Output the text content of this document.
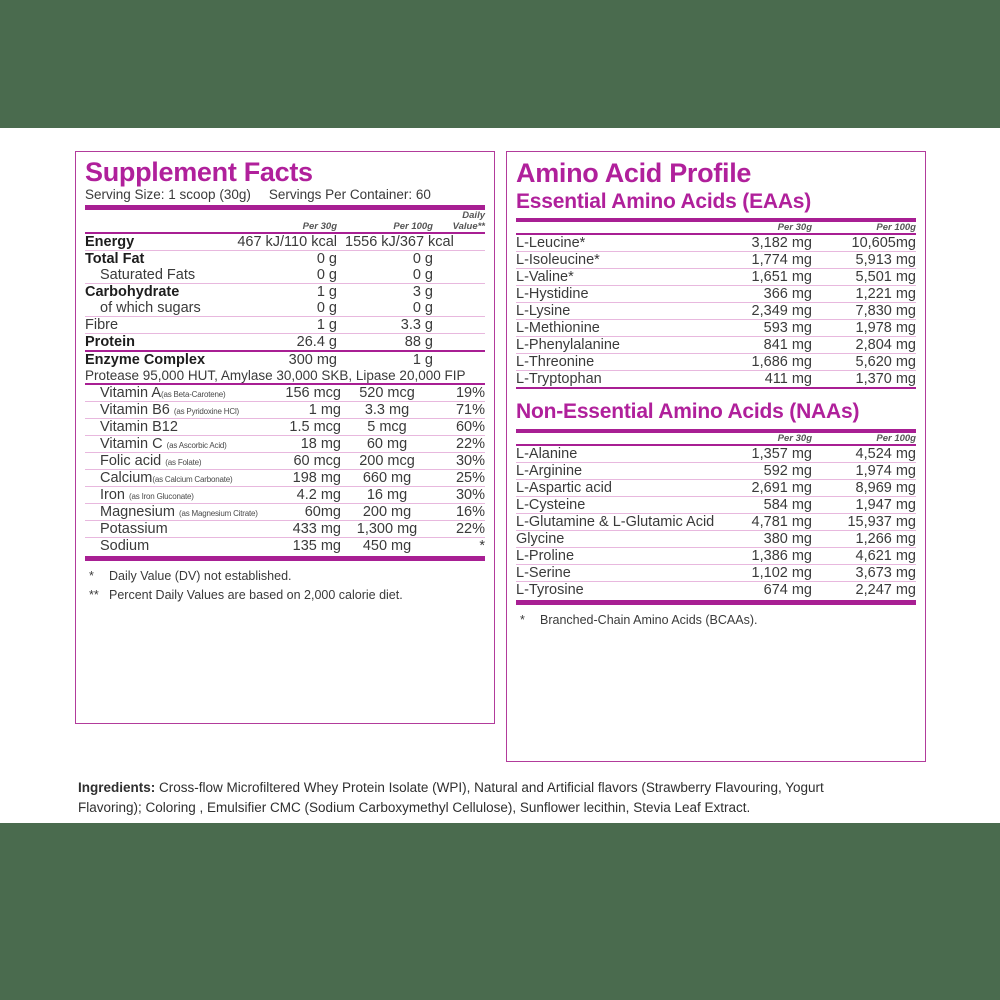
Supplement Facts
Serving Size: 1 scoop (30g) Servings Per Container: 60
	Per 30g	Per 100g	Daily Value**

Energy	467 kJ/110 kcal	1556 kJ/367 kcal	

Total Fat	0 g	0 g	
Saturated Fats	0 g	0 g	

Carbohydrate	1 g	3 g	
of which sugars	0 g	0 g	

Fibre	1 g	3.3 g	

Protein	26.4 g	88 g	

Enzyme Complex	300 mg	1 g	
Protease 95,000 HUT, Amylase 30,000 SKB, Lipase 20,000 FIP			

Vitamin A(as Beta-Carotene)	156 mcg	520 mcg	19%

Vitamin B6 (as Pyridoxine HCl)	1 mg	3.3 mg	71%

Vitamin B12	1.5 mcg	5 mcg	60%

Vitamin C (as Ascorbic Acid)	18 mg	60 mg	22%

Folic acid (as Folate)	60 mcg	200 mcg	30%

Calcium(as Calcium Carbonate)	198 mg	660 mg	25%

Iron (as Iron Gluconate)	4.2 mg	16 mg	30%

Magnesium (as Magnesium Citrate)	60mg	200 mg	16%

Potassium	433 mg	1,300 mg	22%

Sodium	135 mg	450 mg	*
* Daily Value (DV) not established.
** Percent Daily Values are based on 2,000 calorie diet.
Amino Acid Profile
Essential Amino Acids (EAAs)
	Per 30g	Per 100g

L-Leucine*	3,182 mg	10,605mg

L-Isoleucine*	1,774 mg	5,913 mg

L-Valine*	1,651 mg	5,501 mg

L-Hystidine	366 mg	1,221 mg

L-Lysine	2,349 mg	7,830 mg

L-Methionine	593 mg	1,978 mg

L-Phenylalanine	841 mg	2,804 mg

L-Threonine	1,686 mg	5,620 mg

L-Tryptophan	411 mg	1,370 mg

Non-Essential Amino Acids (NAAs)
	Per 30g	Per 100g

L-Alanine	1,357 mg	4,524 mg

L-Arginine	592 mg	1,974 mg

L-Aspartic acid	2,691 mg	8,969 mg

L-Cysteine	584 mg	1,947 mg

L-Glutamine & L-Glutamic Acid	4,781 mg	15,937 mg

Glycine	380 mg	1,266 mg

L-Proline	1,386 mg	4,621 mg

L-Serine	1,102 mg	3,673 mg

L-Tyrosine	674 mg	2,247 mg
* Branched-Chain Amino Acids (BCAAs).
Ingredients: Cross-flow Microfiltered Whey Protein Isolate (WPI), Natural and Artificial flavors (Strawberry Flavouring, Yogurt Flavoring); Coloring , Emulsifier CMC (Sodium Carboxymethyl Cellulose), Sunflower lecithin, Stevia Leaf Extract.
